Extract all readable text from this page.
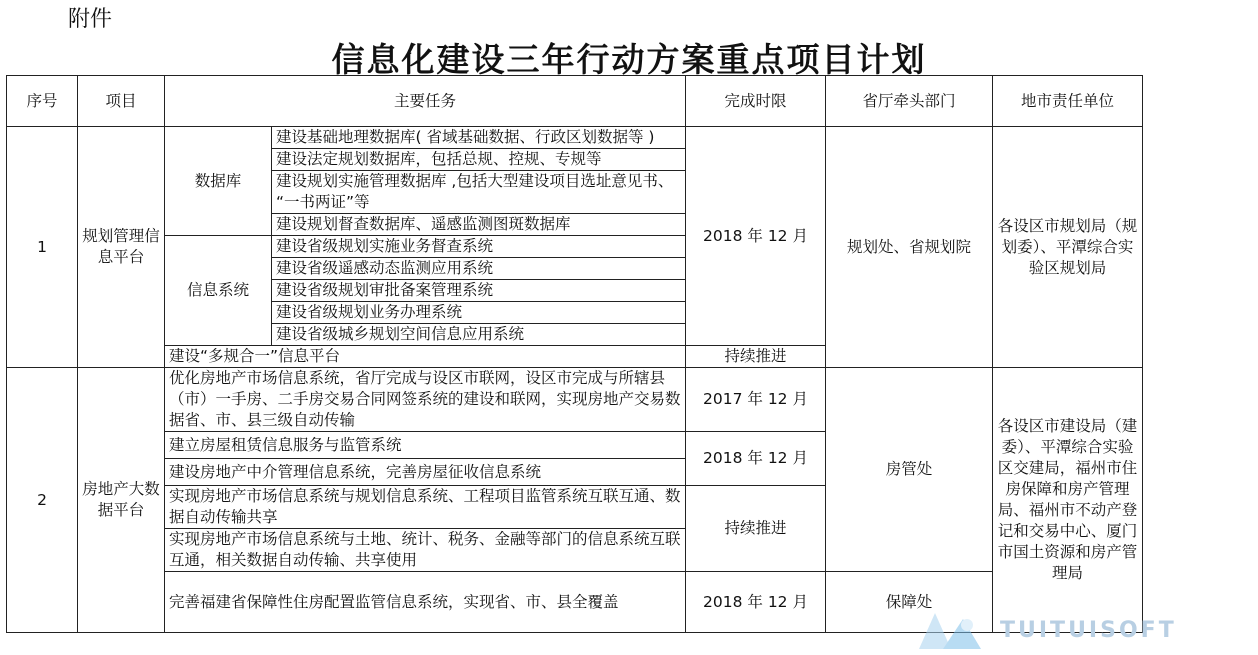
附件
信息化建设三年行动方案重点项目计划
序号	项目	主要任务		完成时限	省厅牵头部门	地市责任单位
1	规划管理信息平台	数据库	建设基础地理数据库( 省域基础数据、行政区划数据等 )	2018 年 12 月	规划处、省规划院	各设区市规划局（规划委）、平潭综合实验区规划局
			建设法定规划数据库，包括总规、控规、专规等			
			建设规划实施管理数据库 ,包括大型建设项目选址意见书、 “一书两证”等			
			建设规划督查数据库、遥感监测图斑数据库			
		信息系统	建设省级规划实施业务督查系统			
			建设省级遥感动态监测应用系统			
			建设省级规划审批备案管理系统			
			建设省级规划业务办理系统			
			建设省级城乡规划空间信息应用系统			
		建设“多规合一”信息平台		持续推进		
2	房地产大数据平台	优化房地产市场信息系统，省厅完成与设区市联网，设区市完成与所辖县（市）一手房、二手房交易合同网签系统的建设和联网，实现房地产交易数据省、市、县三级自动传输		2017 年 12 月	房管处	各设区市建设局（建委）、平潭综合实验区交建局，福州市住房保障和房产管理局、福州市不动产登记和交易中心、厦门市国土资源和房产管理局
		建立房屋租赁信息服务与监管系统		2018 年 12 月		
		建设房地产中介管理信息系统，完善房屋征收信息系统				
		实现房地产市场信息系统与规划信息系统、工程项目监管系统互联互通、数据自动传输共享		持续推进		
		实现房地产市场信息系统与土地、统计、税务、金融等部门的信息系统互联互通，相关数据自动传输、共享使用				
		完善福建省保障性住房配置监管信息系统，实现省、市、县全覆盖		2018 年 12 月	保障处	
TUITUISOFT
